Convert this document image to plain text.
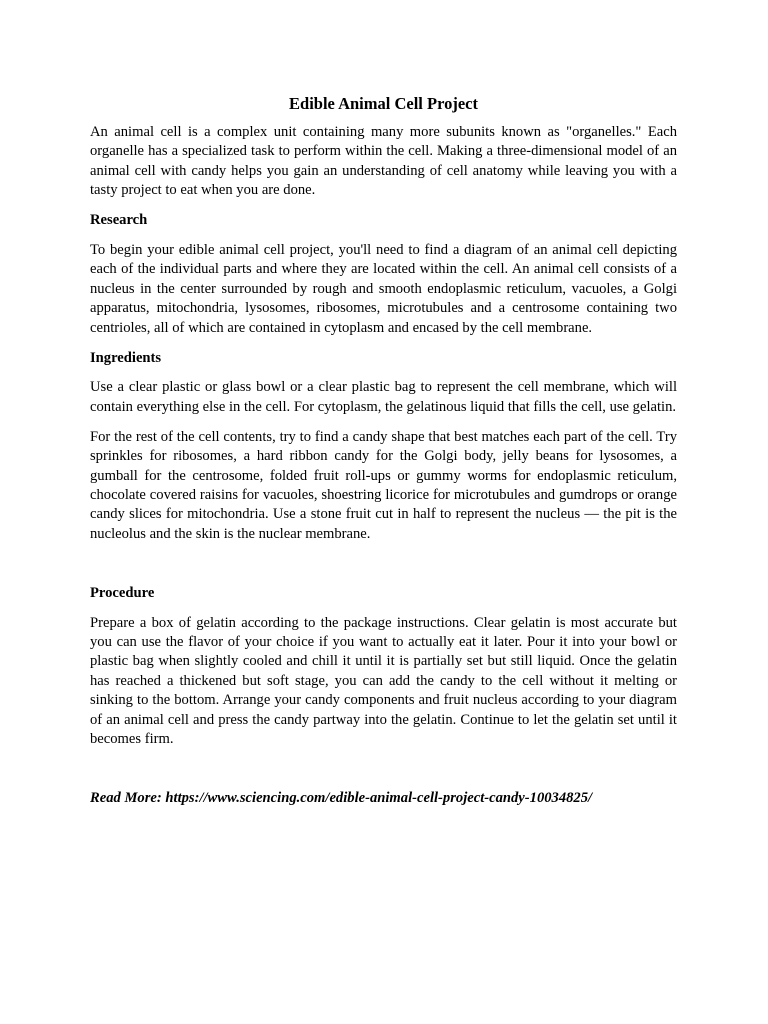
Edible Animal Cell Project

An animal cell is a complex unit containing many more subunits known as "organelles." Each organelle has a specialized task to perform within the cell. Making a three-dimensional model of an animal cell with candy helps you gain an understanding of cell anatomy while leaving you with a tasty project to eat when you are done.

Research

To begin your edible animal cell project, you'll need to find a diagram of an animal cell depicting each of the individual parts and where they are located within the cell. An animal cell consists of a nucleus in the center surrounded by rough and smooth endoplasmic reticulum, vacuoles, a Golgi apparatus, mitochondria, lysosomes, ribosomes, microtubules and a centrosome containing two centrioles, all of which are contained in cytoplasm and encased by the cell membrane.

Ingredients

Use a clear plastic or glass bowl or a clear plastic bag to represent the cell membrane, which will contain everything else in the cell. For cytoplasm, the gelatinous liquid that fills the cell, use gelatin.

For the rest of the cell contents, try to find a candy shape that best matches each part of the cell. Try sprinkles for ribosomes, a hard ribbon candy for the Golgi body, jelly beans for lysosomes, a gumball for the centrosome, folded fruit roll-ups or gummy worms for endoplasmic reticulum, chocolate covered raisins for vacuoles, shoestring licorice for microtubules and gumdrops or orange candy slices for mitochondria. Use a stone fruit cut in half to represent the nucleus — the pit is the nucleolus and the skin is the nuclear membrane.

Procedure

Prepare a box of gelatin according to the package instructions. Clear gelatin is most accurate but you can use the flavor of your choice if you want to actually eat it later. Pour it into your bowl or plastic bag when slightly cooled and chill it until it is partially set but still liquid. Once the gelatin has reached a thickened but soft stage, you can add the candy to the cell without it melting or sinking to the bottom. Arrange your candy components and fruit nucleus according to your diagram of an animal cell and press the candy partway into the gelatin. Continue to let the gelatin set until it becomes firm.

Read More: https://www.sciencing.com/edible-animal-cell-project-candy-10034825/
